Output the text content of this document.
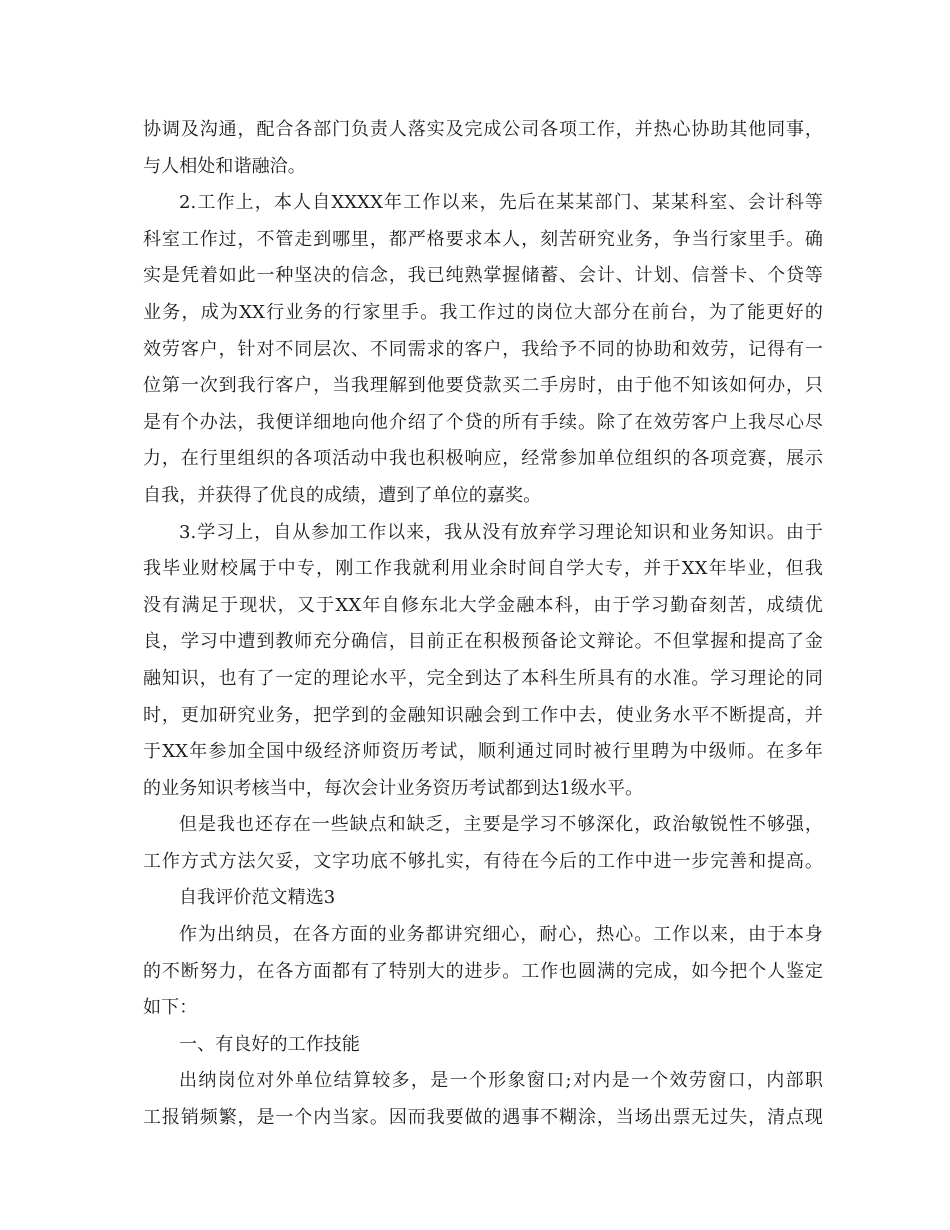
协调及沟通，配合各部门负责人落实及完成公司各项工作，并热心协助其他同事，
与人相处和谐融洽。
2.工作上，本人自XXXX年工作以来，先后在某某部门、某某科室、会计科等
科室工作过，不管走到哪里，都严格要求本人，刻苦研究业务，争当行家里手。确
实是凭着如此一种坚决的信念，我已纯熟掌握储蓄、会计、计划、信誉卡、个贷等
业务，成为XX行业务的行家里手。我工作过的岗位大部分在前台，为了能更好的
效劳客户，针对不同层次、不同需求的客户，我给予不同的协助和效劳，记得有一
位第一次到我行客户，当我理解到他要贷款买二手房时，由于他不知该如何办，只
是有个办法，我便详细地向他介绍了个贷的所有手续。除了在效劳客户上我尽心尽
力，在行里组织的各项活动中我也积极响应，经常参加单位组织的各项竞赛，展示
自我，并获得了优良的成绩，遭到了单位的嘉奖。
3.学习上，自从参加工作以来，我从没有放弃学习理论知识和业务知识。由于
我毕业财校属于中专，刚工作我就利用业余时间自学大专，并于XX年毕业，但我
没有满足于现状，又于XX年自修东北大学金融本科，由于学习勤奋刻苦，成绩优
良，学习中遭到教师充分确信，目前正在积极预备论文辩论。不但掌握和提高了金
融知识，也有了一定的理论水平，完全到达了本科生所具有的水准。学习理论的同
时，更加研究业务，把学到的金融知识融会到工作中去，使业务水平不断提高，并
于XX年参加全国中级经济师资历考试，顺利通过同时被行里聘为中级师。在多年
的业务知识考核当中，每次会计业务资历考试都到达1级水平。
但是我也还存在一些缺点和缺乏，主要是学习不够深化，政治敏锐性不够强，
工作方式方法欠妥，文字功底不够扎实，有待在今后的工作中进一步完善和提高。
自我评价范文精选3
作为出纳员，在各方面的业务都讲究细心，耐心，热心。工作以来，由于本身
的不断努力，在各方面都有了特别大的进步。工作也圆满的完成，如今把个人鉴定
如下：
一、有良好的工作技能
出纳岗位对外单位结算较多，是一个形象窗口;对内是一个效劳窗口，内部职
工报销频繁，是一个内当家。因而我要做的遇事不糊涂，当场出票无过失，清点现
